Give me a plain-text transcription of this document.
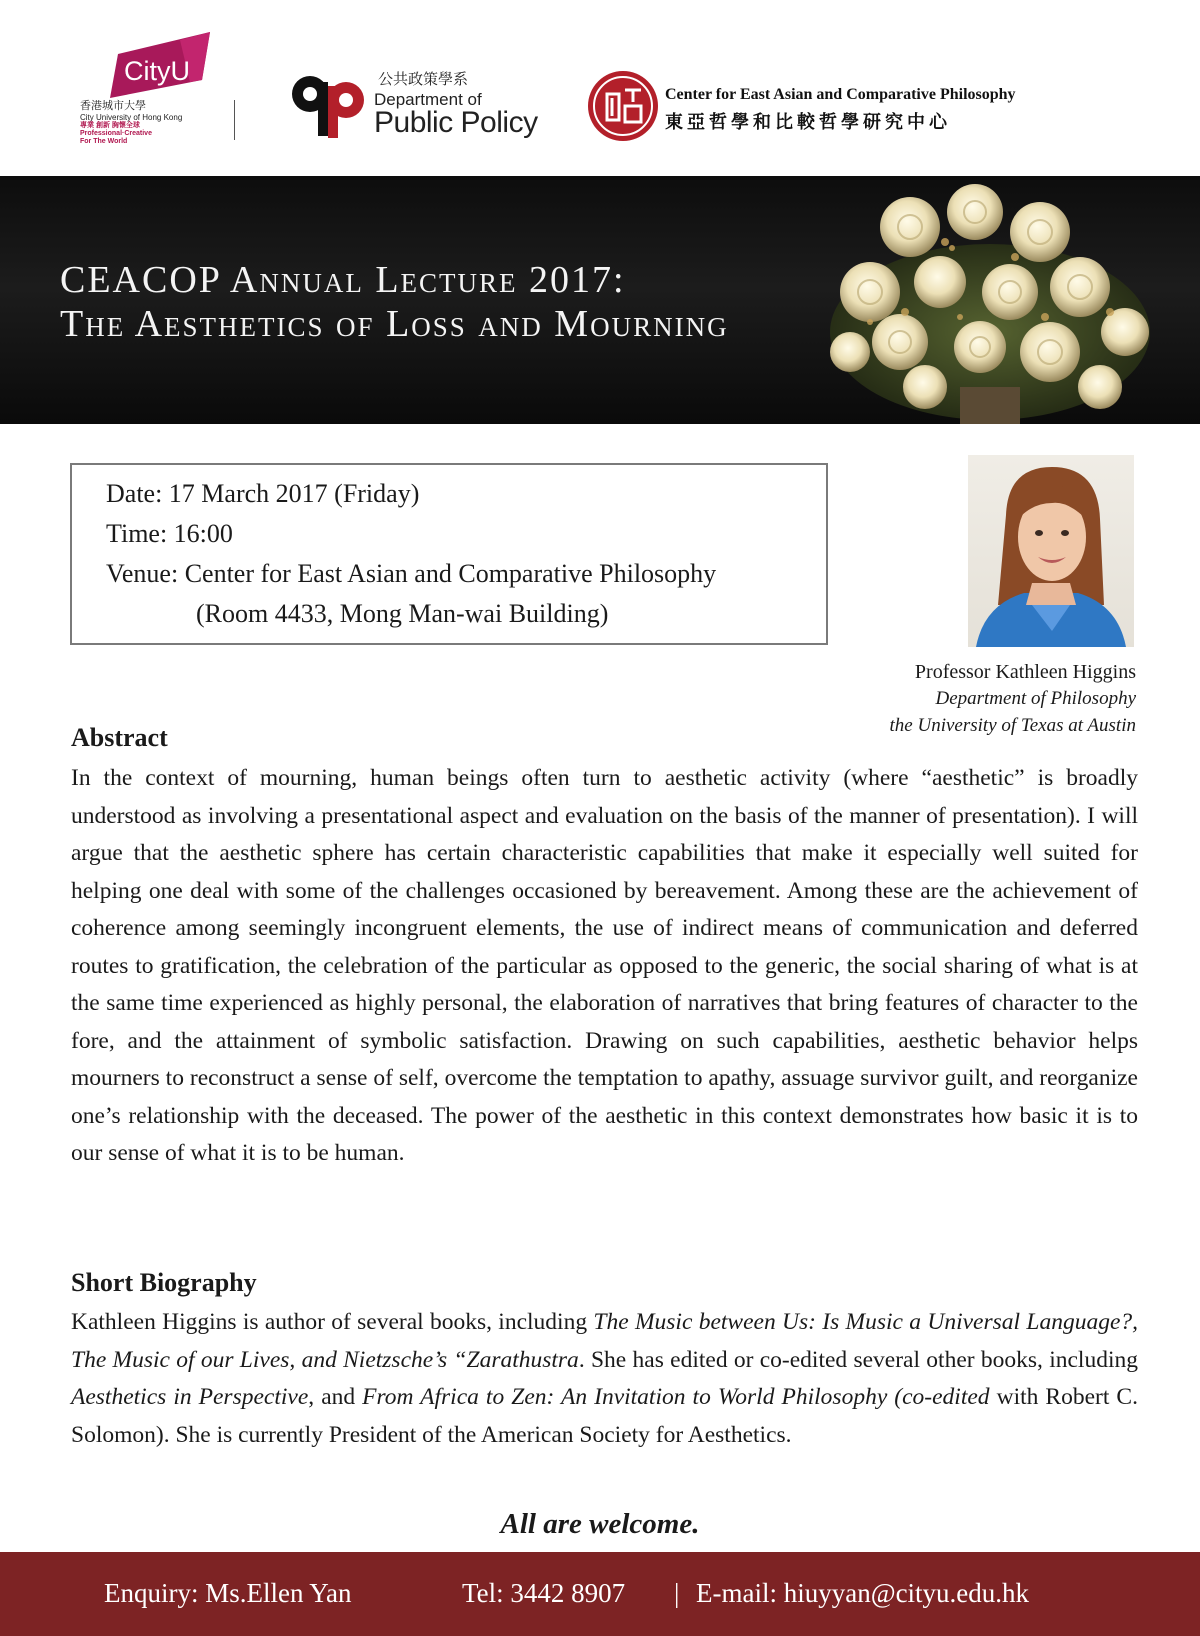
CityU
香港城市大學
City University of Hong Kong
專業 創新 胸懷全球
Professional·Creative
For The World
公共政策學系
Department of
Public Policy
Center for East Asian and Comparative Philosophy
東亞哲學和比較哲學研究中心
CEACOP Annual Lecture 2017:
The Aesthetics of Loss and Mourning
Date: 17 March 2017 (Friday)
Time: 16:00
Venue: Center for East Asian and Comparative Philosophy
(Room 4433, Mong Man-wai Building)
Professor Kathleen Higgins
Department of Philosophy
the University of Texas at Austin
Abstract
In the context of mourning, human beings often turn to aesthetic activity (where “aesthetic” is broadly understood as involving a presentational aspect and evaluation on the basis of the manner of presentation). I will argue that the aesthetic sphere has certain characteristic capabilities that make it especially well suited for helping one deal with some of the challenges occasioned by bereavement. Among these are the achievement of coherence among seemingly incongruent elements, the use of indirect means of communication and deferred routes to gratification, the celebration of the particular as opposed to the generic, the social sharing of what is at the same time experienced as highly personal, the elaboration of narratives that bring features of character to the fore, and the attainment of symbolic satisfaction. Drawing on such capabilities, aesthetic behavior helps mourners to reconstruct a sense of self, overcome the temptation to apathy, assuage survivor guilt, and reorganize one’s relationship with the deceased. The power of the aesthetic in this context demonstrates how basic it is to our sense of what it is to be human.
Short Biography
Kathleen Higgins is author of several books, including The Music between Us: Is Music a Universal Language?, The Music of our Lives, and Nietzsche’s “Zarathustra. She has edited or co-edited several other books, including Aesthetics in Perspective, and From Africa to Zen: An Invitation to World Philosophy (co-edited with Robert C. Solomon). She is currently President of the American Society for Aesthetics.
All are welcome.
Enquiry: Ms.Ellen Yan	Tel: 3442 8907 | E-mail: hiuyyan@cityu.edu.hk
